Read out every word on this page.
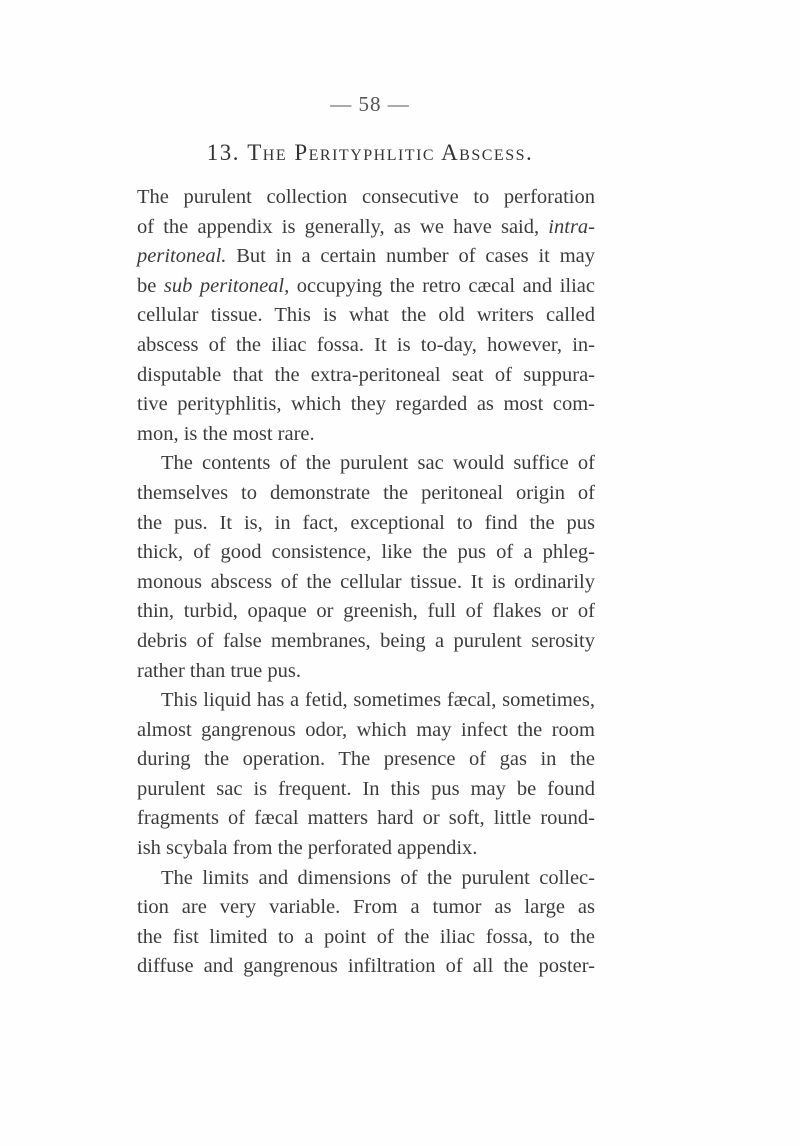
— 58 —
13. The Perityphlitic Abscess.
The purulent collection consecutive to perforation
of the appendix is generally, as we have said, intra-
peritoneal. But in a certain number of cases it may
be sub peritoneal, occupying the retro cæcal and iliac
cellular tissue. This is what the old writers called
abscess of the iliac fossa. It is to-day, however, in-
disputable that the extra-peritoneal seat of suppura-
tive perityphlitis, which they regarded as most com-
mon, is the most rare.
The contents of the purulent sac would suffice of
themselves to demonstrate the peritoneal origin of
the pus. It is, in fact, exceptional to find the pus
thick, of good consistence, like the pus of a phleg-
monous abscess of the cellular tissue. It is ordinarily
thin, turbid, opaque or greenish, full of flakes or of
debris of false membranes, being a purulent serosity
rather than true pus.
This liquid has a fetid, sometimes fæcal, sometimes,
almost gangrenous odor, which may infect the room
during the operation. The presence of gas in the
purulent sac is frequent. In this pus may be found
fragments of fæcal matters hard or soft, little round-
ish scybala from the perforated appendix.
The limits and dimensions of the purulent collec-
tion are very variable. From a tumor as large as
the fist limited to a point of the iliac fossa, to the
diffuse and gangrenous infiltration of all the poster-
